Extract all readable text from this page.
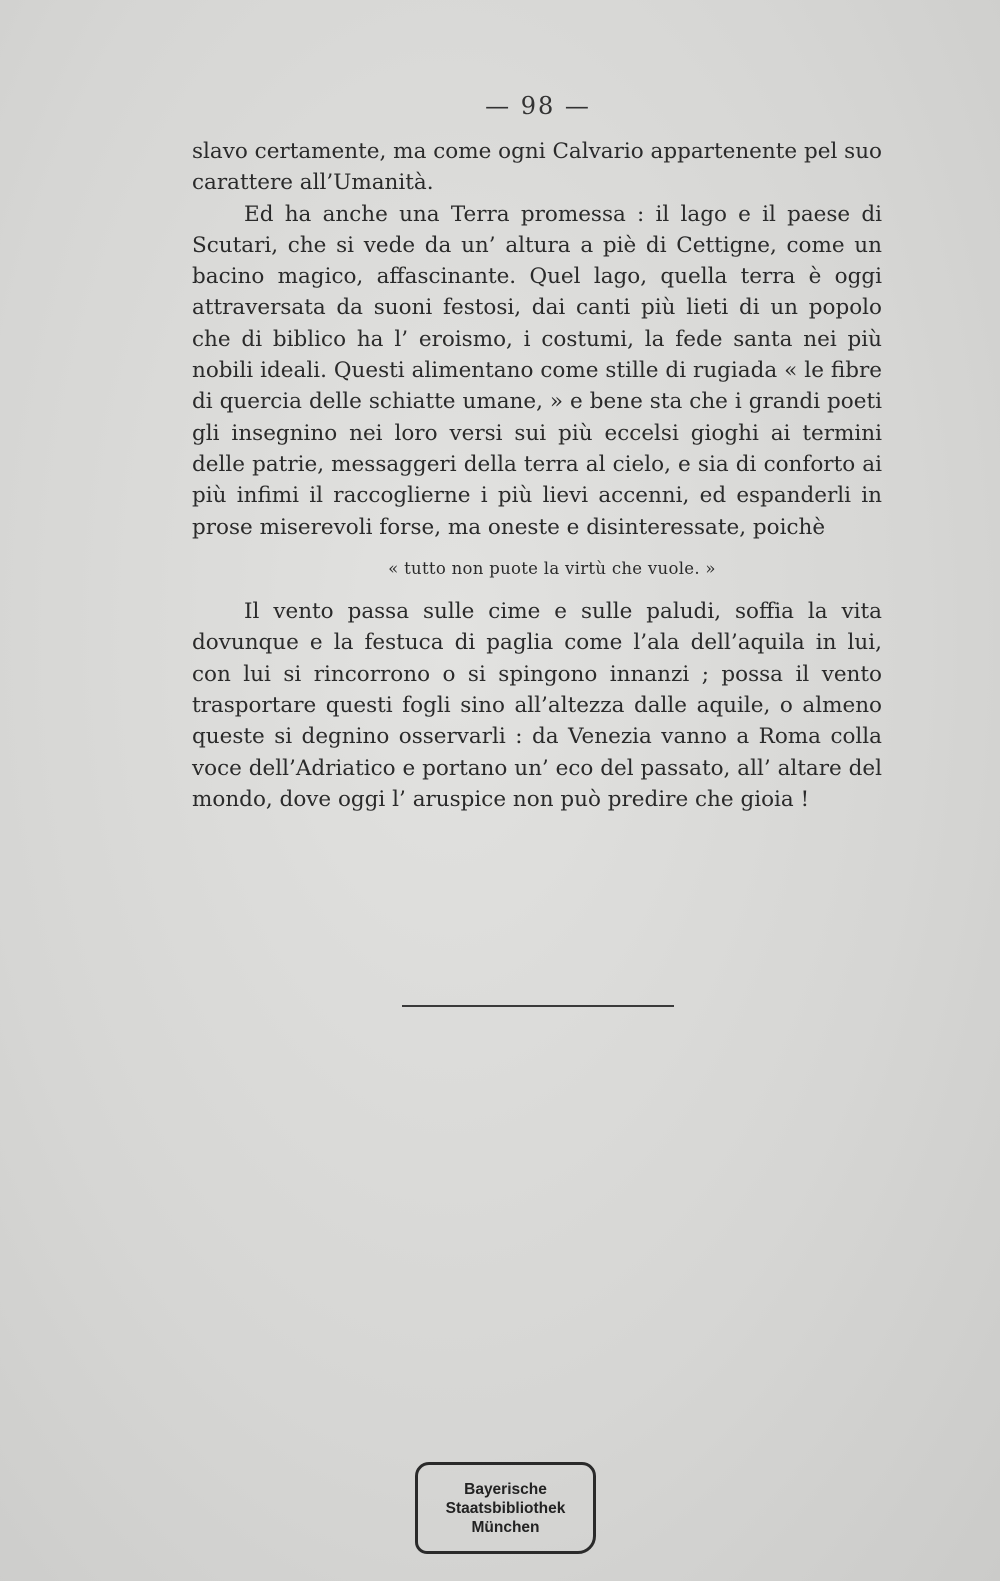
— 98 —

slavo certamente, ma come ogni Calvario appartenente pel suo carattere all’Umanità.

Ed ha anche una Terra promessa : il lago e il paese di Scutari, che si vede da un’ altura a piè di Cettigne, come un bacino magico, affascinante. Quel lago, quella terra è oggi attraversata da suoni festosi, dai canti più lieti di un popolo che di biblico ha l’ eroismo, i costumi, la fede santa nei più nobili ideali. Questi alimentano come stille di rugiada « le fibre di quercia delle schiatte umane, » e bene sta che i grandi poeti gli insegnino nei loro versi sui più eccelsi gioghi ai termini delle patrie, messaggeri della terra al cielo, e sia di conforto ai più infimi il raccoglierne i più lievi accenni, ed espanderli in prose miserevoli forse, ma oneste e disinteressate, poichè

« tutto non puote la virtù che vuole. »

Il vento passa sulle cime e sulle paludi, soffia la vita dovunque e la festuca di paglia come l’ala dell’aquila in lui, con lui si rincorrono o si spingono innanzi ; possa il vento trasportare questi fogli sino all’altezza dalle aquile, o almeno queste si degnino osservarli : da Venezia vanno a Roma colla voce dell’Adriatico e portano un’ eco del passato, all’ altare del mondo, dove oggi l’ aruspice non può predire che gioia !

Bayerische
Staatsbibliothek
München
